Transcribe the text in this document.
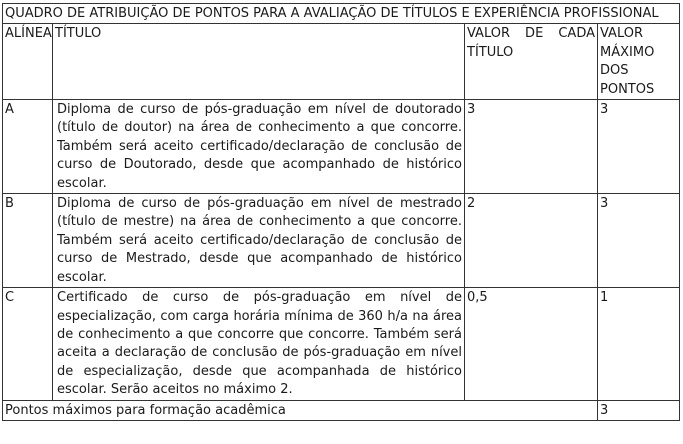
QUADRO DE ATRIBUIÇÃO DE PONTOS PARA A AVALIAÇÃO DE TÍTULOS E EXPERIÊNCIA PROFISSIONAL			
ALÍNEA	TÍTULO	VALOR DE CADA TÍTULO	VALOR MÁXIMO DOS PONTOS
A	Diploma de curso de pós-graduação em nível de doutorado (título de doutor) na área de conhecimento a que concorre. Também será aceito certificado/declaração de conclusão de curso de Doutorado, desde que acompanhado de histórico escolar.	3	3
B	Diploma de curso de pós-graduação em nível de mestrado (título de mestre) na área de conhecimento a que concorre. Também será aceito certificado/declaração de conclusão de curso de Mestrado, desde que acompanhado de histórico escolar.	2	3
C	Certificado de curso de pós-graduação em nível de especialização, com carga horária mínima de 360 h/a na área de conhecimento a que concorre que concorre. Também será aceita a declaração de conclusão de pós-graduação em nível de especialização, desde que acompanhada de histórico escolar. Serão aceitos no máximo 2.	0,5	1
Pontos máximos para formação acadêmica			3
